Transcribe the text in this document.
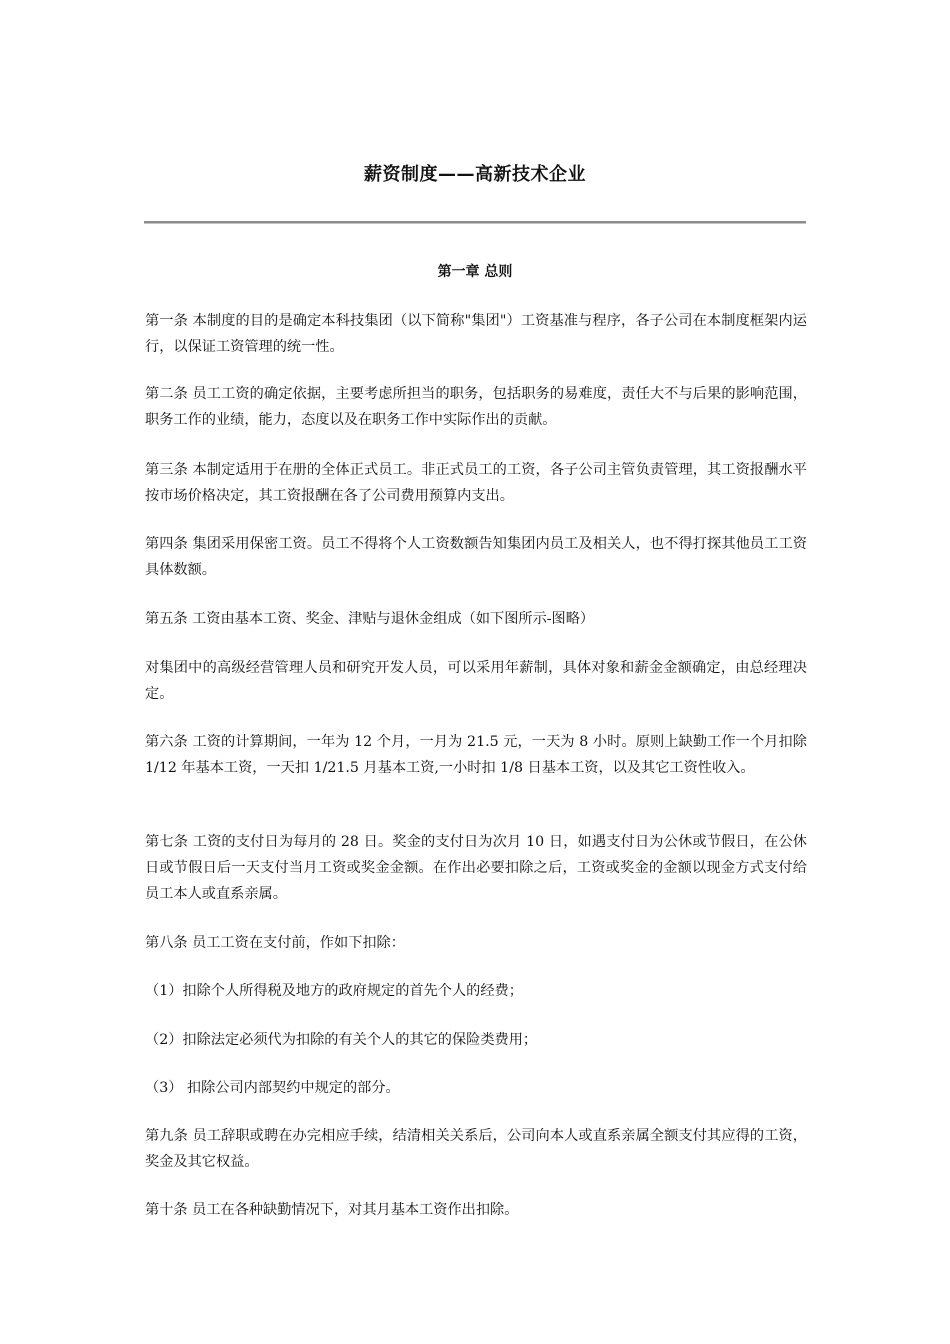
薪资制度——高新技术企业
第一章 总则

第一条 本制度的目的是确定本科技集团（以下简称"集团"）工资基准与程序，各子公司在本制度框架内运行，以保证工资管理的统一性。

第二条 员工工资的确定依据，主要考虑所担当的职务，包括职务的易难度，责任大不与后果的影响范围，职务工作的业绩，能力，态度以及在职务工作中实际作出的贡献。

第三条 本制定适用于在册的全体正式员工。非正式员工的工资，各子公司主管负责管理，其工资报酬水平按市场价格决定，其工资报酬在各了公司费用预算内支出。

第四条 集团采用保密工资。员工不得将个人工资数额告知集团内员工及相关人，也不得打探其他员工工资具体数额。

第五条 工资由基本工资、奖金、津贴与退休金组成（如下图所示-图略）

对集团中的高级经营管理人员和研究开发人员，可以采用年薪制，具体对象和薪金金额确定，由总经理决定。

第六条 工资的计算期间，一年为 12 个月，一月为 21.5 元，一天为 8 小时。原则上缺勤工作一个月扣除 1/12 年基本工资，一天扣 1/21.5 月基本工资,一小时扣 1/8 日基本工资，以及其它工资性收入。

第七条 工资的支付日为每月的 28 日。奖金的支付日为次月 10 日，如遇支付日为公休或节假日，在公休日或节假日后一天支付当月工资或奖金金额。在作出必要扣除之后，工资或奖金的金额以现金方式支付给员工本人或直系亲属。

第八条 员工工资在支付前，作如下扣除：

（1）扣除个人所得税及地方的政府规定的首先个人的经费；

（2）扣除法定必须代为扣除的有关个人的其它的保险类费用；

（3） 扣除公司内部契约中规定的部分。

第九条 员工辞职或聘在办完相应手续，结清相关关系后，公司向本人或直系亲属全额支付其应得的工资，奖金及其它权益。

第十条 员工在各种缺勤情况下，对其月基本工资作出扣除。
